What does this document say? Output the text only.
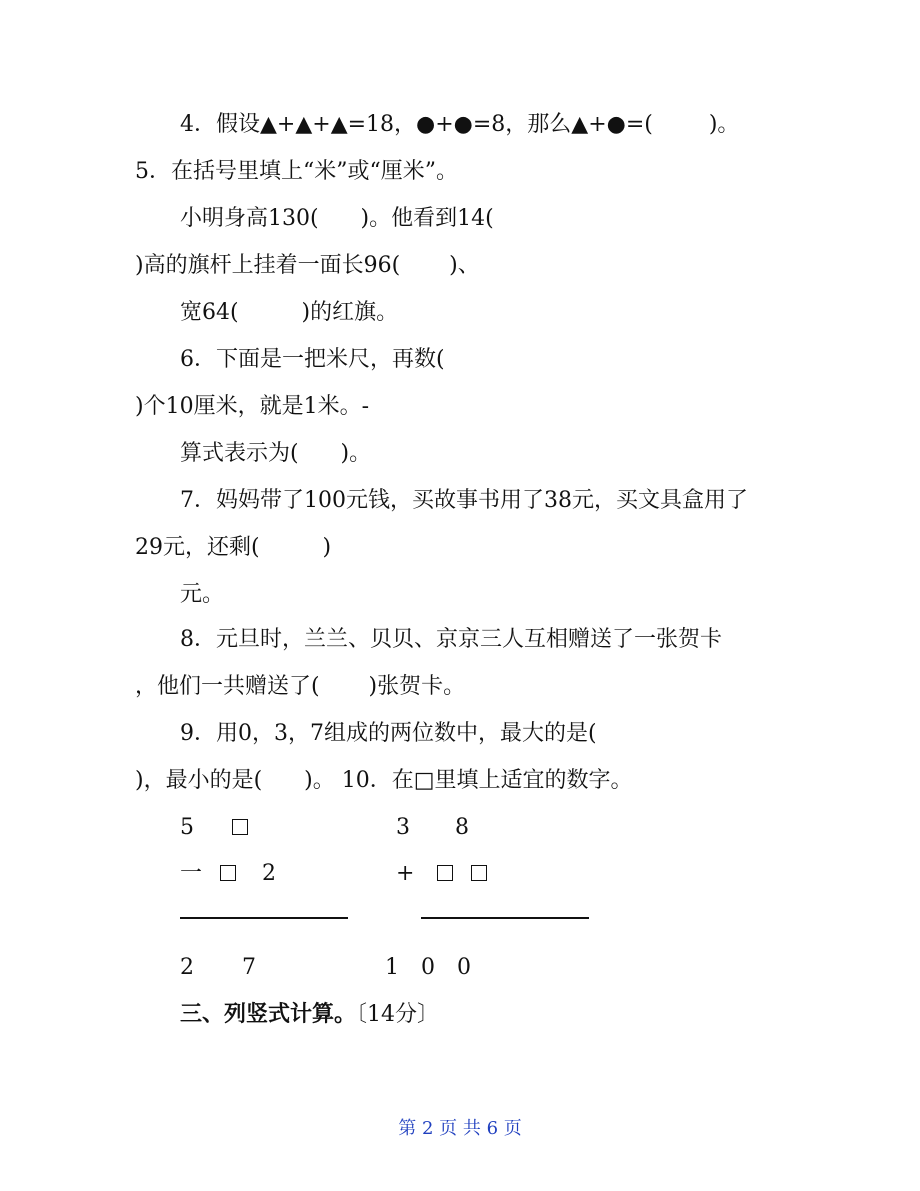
4．假设▲+▲+▲=18，●+●=8，那么▲+●=(        )。
5．在括号里填上“米”或“厘米”。
小明身高130(      )。他看到14(
)高的旗杆上挂着一面长96(       )、
宽64(         )的红旗。
6．下面是一把米尺，再数(
)个10厘米，就是1米。-
算式表示为(      )。
7．妈妈带了100元钱，买故事书用了38元，买文具盒用了
29元，还剩(         )
元。
8．元旦时，兰兰、贝贝、京京三人互相赠送了一张贺卡
，他们一共赠送了(       )张贺卡。
9．用0，3，7组成的两位数中，最大的是(
)，最小的是(      )。 10．在□里填上适宜的数字。
5
一	2
2 7
3 8
+
1 0 0
三、列竖式计算。〔14分〕
第 2 页 共 6 页
